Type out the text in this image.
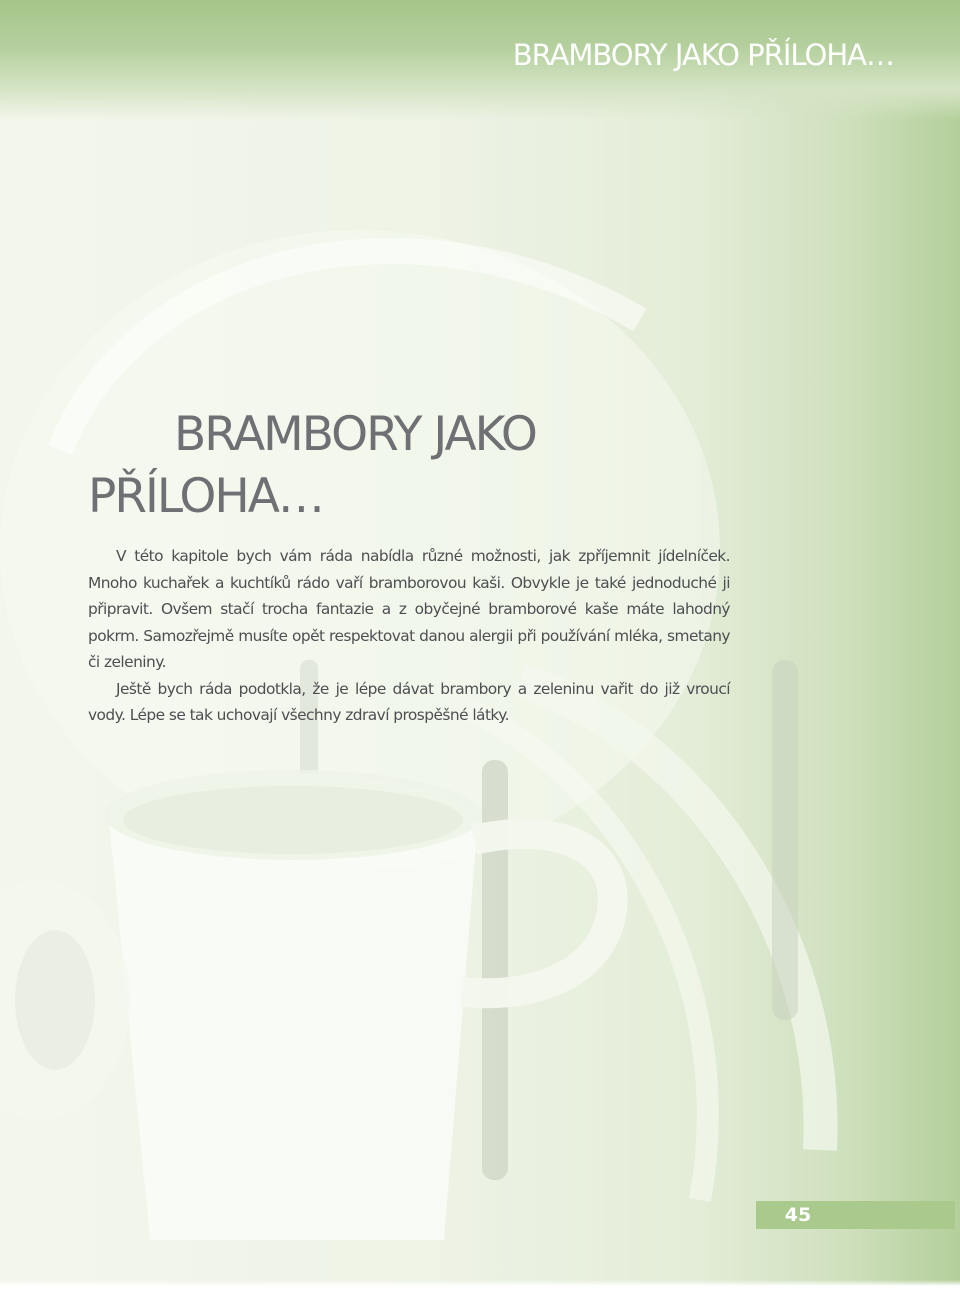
BRAMBORY JAKO PŘÍLOHA…
BRAMBORY JAKO
PŘÍLOHA…

V této kapitole bych vám ráda nabídla různé možnosti, jak zpříjemnit jídelníček. Mnoho kuchařek a kuchtíků rádo vaří bramborovou kaši. Obvykle je také jednoduché ji připravit. Ovšem stačí trocha fantazie a z obyčejné bramborové kaše máte lahodný pokrm. Samozřejmě musíte opět respektovat danou alergii při používání mléka, smetany či zeleniny.

Ještě bych ráda podotkla, že je lépe dávat brambory a zeleninu vařit do již vroucí vody. Lépe se tak uchovají všechny zdraví prospěšné látky.

45
